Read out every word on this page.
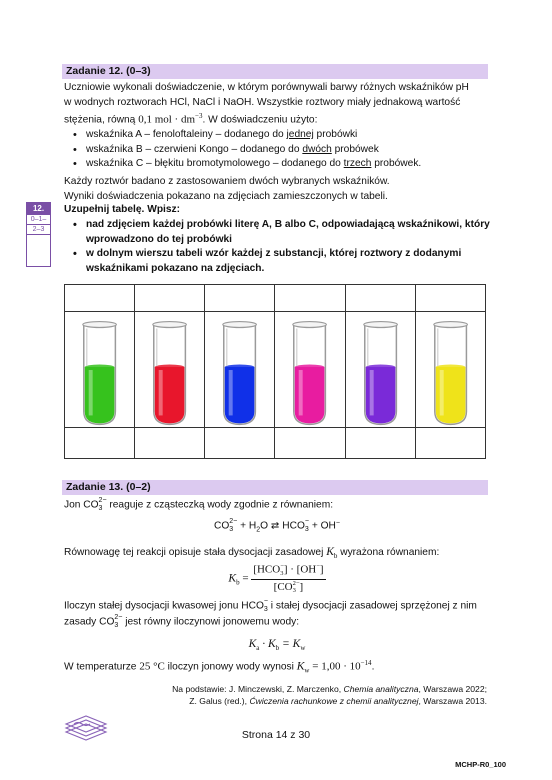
Zadanie 12. (0–3)
Uczniowie wykonali doświadczenie, w którym porównywali barwy różnych wskaźników pH
w wodnych roztworach HCl, NaCl i NaOH. Wszystkie roztwory miały jednakową wartość
stężenia, równą 0,1 mol · $dm^{-3}$. W doświadczeniu użyto:
• wskaźnika A – fenoloftaleiny – dodanego do jednej probówki
• wskaźnika B – czerwieni Kongo – dodanego do dwóch probówek
• wskaźnika C – błękitu bromotymolowego – dodanego do trzech probówek.
Każdy roztwór badano z zastosowaniem dwóch wybranych wskaźników.
Wyniki doświadczenia pokazano na zdjęciach zamieszczonych w tabeli.
12.
0–1–
2–3
Uzupełnij tabelę. Wpisz:
• nad zdjęciem każdej probówki literę A, B albo C, odpowiadającą wskaźnikowi, który wprowadzono do tej probówki
• w dolnym wierszu tabeli wzór każdej z substancji, której roztwory z dodanymi wskaźnikami pokazano na zdjęciach.

Zadanie 13. (0–2)
Jon CO 2−
3 reaguje z cząsteczką wody zgodnie z równaniem:
CO 2−
$3 + H_2O$ ⇄ HCO −
3 + OH−
Równowagę tej reakcji opisuje stała dysocjacji zasadowej $K_b$ wyrażona równaniem:
$K_b = [HCO$ −
3 ] · [OH−]
[CO 2−
3 ]
Iloczyn stałej dysocjacji kwasowej jonu HCO −
3 i stałej dysocjacji zasadowej sprzężonej z nim
zasady CO 2−
3 jest równy iloczynowi jonowemu wody:
$K_a \cdot K_b = K_w$
W temperaturze 25 °C iloczyn jonowy wody wynosi $K_w = 1,00 \cdot 10^{-14}$.
Na podstawie: J. Minczewski, Z. Marczenko, Chemia analityczna, Warszawa 2022;
Z. Galus (red.), Ćwiczenia rachunkowe z chemii analitycznej, Warszawa 2013.
Strona 14 z 30
MCHP-R0_100
